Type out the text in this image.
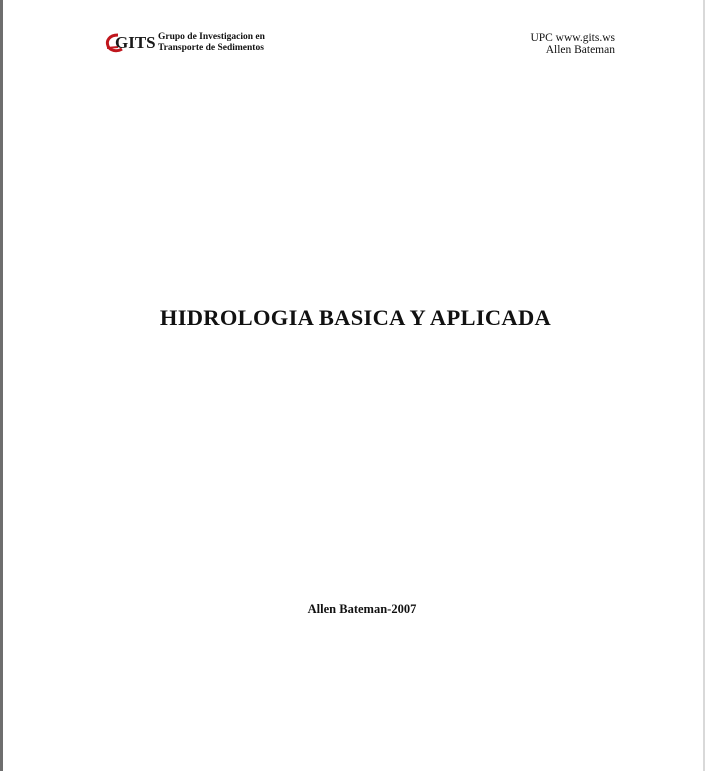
GITS Grupo de Investigacion en
Transporte de Sedimentos
UPC www.gits.ws
Allen Bateman
HIDROLOGIA BASICA Y APLICADA
Allen Bateman-2007
